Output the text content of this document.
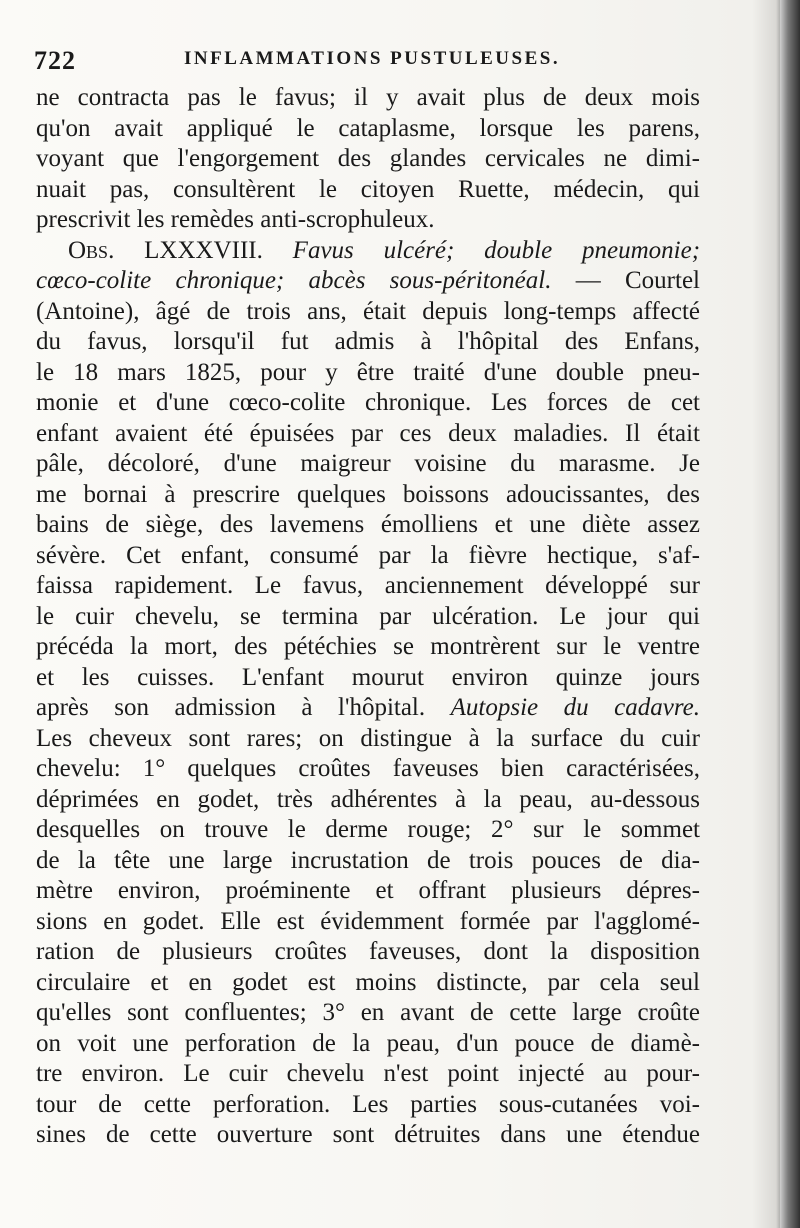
722	INFLAMMATIONS PUSTULEUSES.
ne contracta pas le favus; il y avait plus de deux mois
qu'on avait appliqué le cataplasme, lorsque les parens,
voyant que l'engorgement des glandes cervicales ne dimi-
nuait pas, consultèrent le citoyen Ruette, médecin, qui
prescrivit les remèdes anti-scrophuleux.
Obs. LXXXVIII. Favus ulcéré; double pneumonie;
cœco-colite chronique; abcès sous-péritonéal. — Courtel
(Antoine), âgé de trois ans, était depuis long-temps affecté
du favus, lorsqu'il fut admis à l'hôpital des Enfans,
le 18 mars 1825, pour y être traité d'une double pneu-
monie et d'une cœco-colite chronique. Les forces de cet
enfant avaient été épuisées par ces deux maladies. Il était
pâle, décoloré, d'une maigreur voisine du marasme. Je
me bornai à prescrire quelques boissons adoucissantes, des
bains de siège, des lavemens émolliens et une diète assez
sévère. Cet enfant, consumé par la fièvre hectique, s'af-
faissa rapidement. Le favus, anciennement développé sur
le cuir chevelu, se termina par ulcération. Le jour qui
précéda la mort, des pétéchies se montrèrent sur le ventre
et les cuisses. L'enfant mourut environ quinze jours
après son admission à l'hôpital. Autopsie du cadavre.
Les cheveux sont rares; on distingue à la surface du cuir
chevelu: 1° quelques croûtes faveuses bien caractérisées,
déprimées en godet, très adhérentes à la peau, au-dessous
desquelles on trouve le derme rouge; 2° sur le sommet
de la tête une large incrustation de trois pouces de dia-
mètre environ, proéminente et offrant plusieurs dépres-
sions en godet. Elle est évidemment formée par l'agglomé-
ration de plusieurs croûtes faveuses, dont la disposition
circulaire et en godet est moins distincte, par cela seul
qu'elles sont confluentes; 3° en avant de cette large croûte
on voit une perforation de la peau, d'un pouce de diamè-
tre environ. Le cuir chevelu n'est point injecté au pour-
tour de cette perforation. Les parties sous-cutanées voi-
sines de cette ouverture sont détruites dans une étendue
